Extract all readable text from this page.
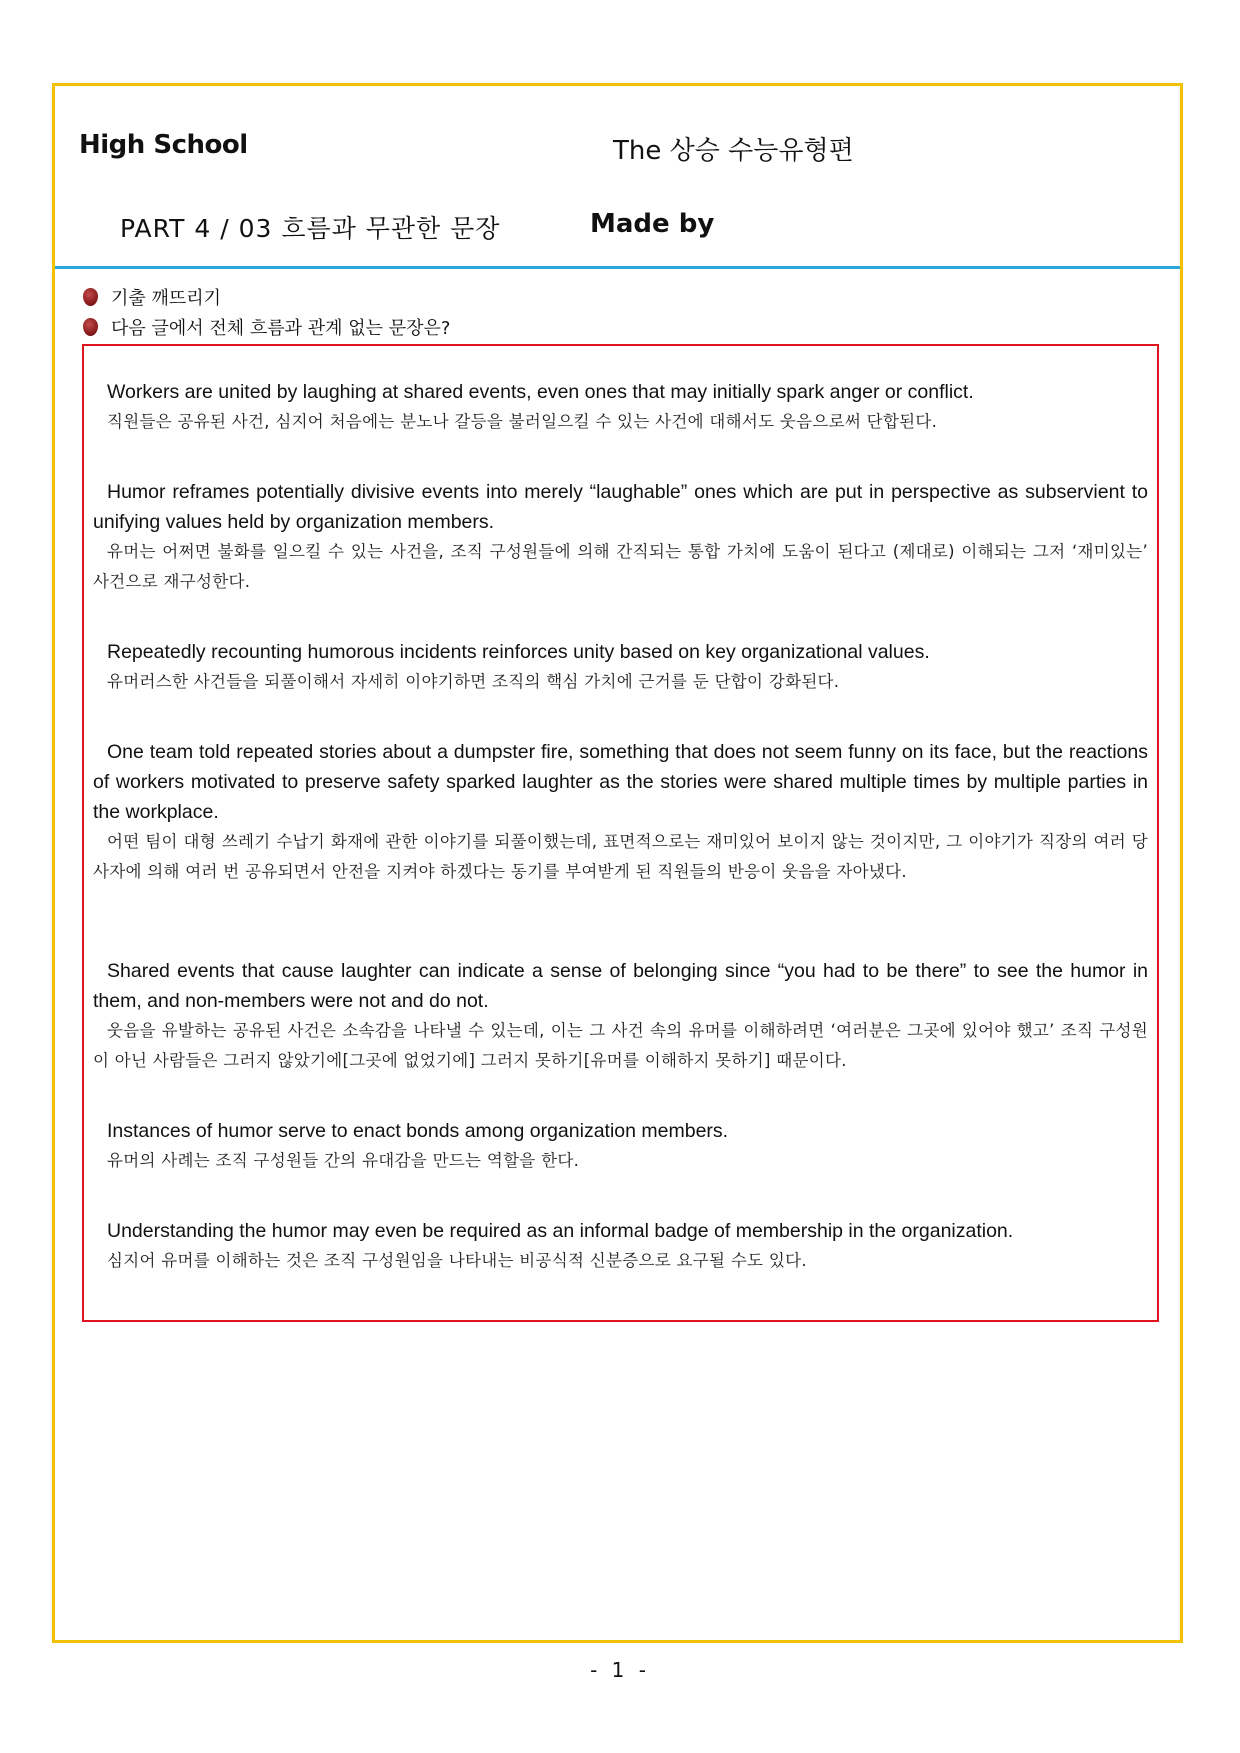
High School	The 상승 수능유형편
PART 4 / 03 흐름과 무관한 문장	Made by
기출 깨뜨리기
다음 글에서 전체 흐름과 관계 없는 문장은?

Workers are united by laughing at shared events, even ones that may initially spark anger or conflict.

직원들은 공유된 사건, 심지어 처음에는 분노나 갈등을 불러일으킬 수 있는 사건에 대해서도 웃음으로써 단합된다.

Humor reframes potentially divisive events into merely “laughable” ones which are put in perspective as subservient to unifying values held by organization members.

유머는 어쩌면 불화를 일으킬 수 있는 사건을, 조직 구성원들에 의해 간직되는 통합 가치에 도움이 된다고 (제대로) 이해되는 그저 ‘재미있는’ 사건으로 재구성한다.

Repeatedly recounting humorous incidents reinforces unity based on key organizational values.

유머러스한 사건들을 되풀이해서 자세히 이야기하면 조직의 핵심 가치에 근거를 둔 단합이 강화된다.

One team told repeated stories about a dumpster fire, something that does not seem funny on its face, but the reactions of workers motivated to preserve safety sparked laughter as the stories were shared multiple times by multiple parties in the workplace.

어떤 팀이 대형 쓰레기 수납기 화재에 관한 이야기를 되풀이했는데, 표면적으로는 재미있어 보이지 않는 것이지만, 그 이야기가 직장의 여러 당사자에 의해 여러 번 공유되면서 안전을 지켜야 하겠다는 동기를 부여받게 된 직원들의 반응이 웃음을 자아냈다.

Shared events that cause laughter can indicate a sense of belonging since “you had to be there” to see the humor in them, and non-members were not and do not.

웃음을 유발하는 공유된 사건은 소속감을 나타낼 수 있는데, 이는 그 사건 속의 유머를 이해하려면 ‘여러분은 그곳에 있어야 했고’ 조직 구성원이 아닌 사람들은 그러지 않았기에[그곳에 없었기에] 그러지 못하기[유머를 이해하지 못하기] 때문이다.

Instances of humor serve to enact bonds among organization members.

유머의 사례는 조직 구성원들 간의 유대감을 만드는 역할을 한다.

Understanding the humor may even be required as an informal badge of membership in the organization.

심지어 유머를 이해하는 것은 조직 구성원임을 나타내는 비공식적 신분증으로 요구될 수도 있다.

- 1 -
